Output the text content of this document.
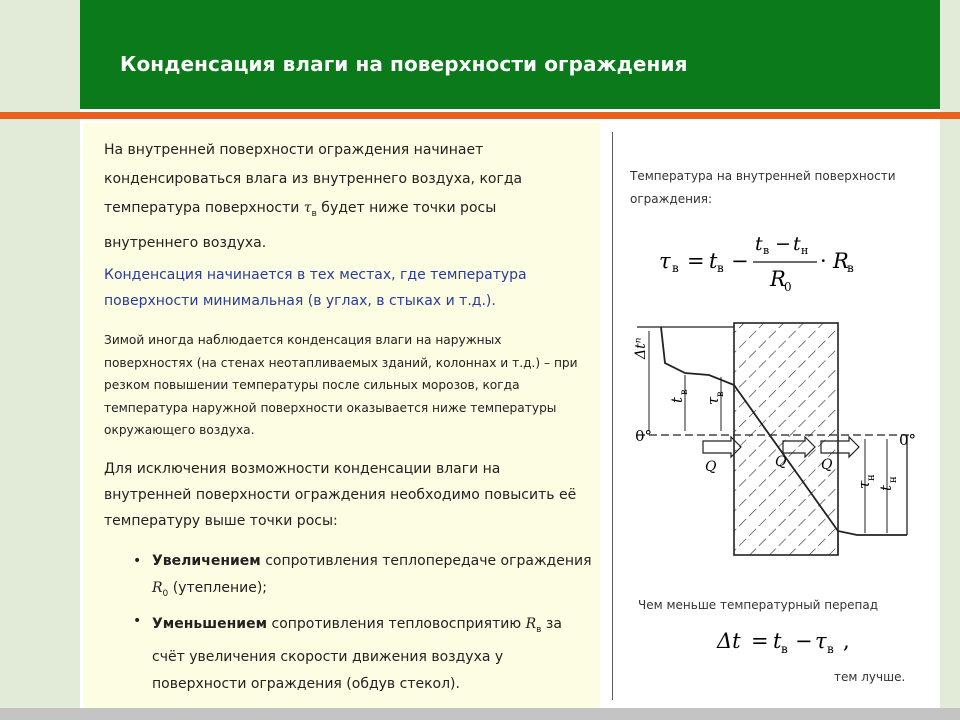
Конденсация влаги на поверхности ограждения
На внутренней поверхности ограждения начинает конденсироваться влага из внутреннего воздуха, когда температура поверхности $\tau_в$ будет ниже точки росы внутреннего воздуха.
Конденсация начинается в тех местах, где температура поверхности минимальная (в углах, в стыках и т.д.).
Зимой иногда наблюдается конденсация влаги на наружных поверхностях (на стенах неотапливаемых зданий, колоннах и т.д.) – при резком повышении температуры после сильных морозов, когда температура наружной поверхности оказывается ниже температуры окружающего воздуха.
Для исключения возможности конденсации влаги на внутренней поверхности ограждения необходимо повысить её температуру выше точки росы:
• Увеличением сопротивления теплопередаче ограждения $R_0$ (утепление);
• Уменьшением сопротивления тепловосприятию $R_в$ за счёт увеличения скорости движения воздуха у поверхности ограждения (обдув стекол).
Температура на внутренней поверхности ограждения:
τ в = t в −
t в − t н
R
0
· R
в
Δtⁿ
t
в
τ
в
0°	0°
Q	Q Q
τ
н
t
н
Чем меньше температурный перепад
Δt = t в − τ в ,
тем лучше.
